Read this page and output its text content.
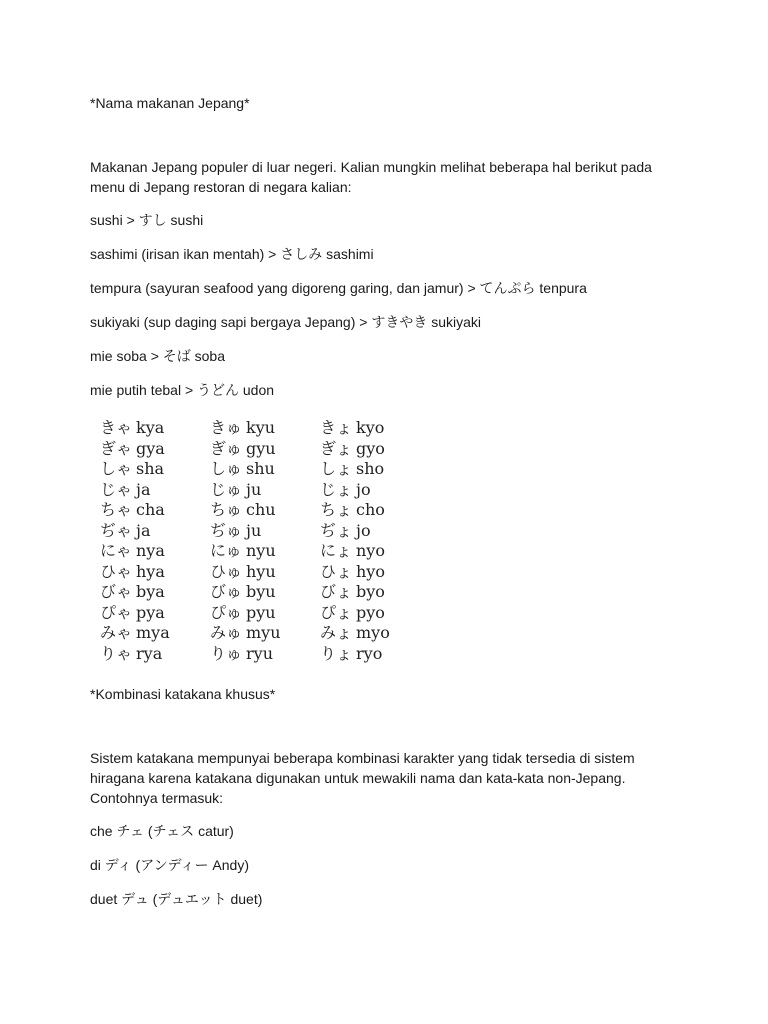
*Nama makanan Jepang*
Makanan Jepang populer di luar negeri. Kalian mungkin melihat beberapa hal berikut pada menu di Jepang restoran di negara kalian:
sushi > すし sushi
sashimi (irisan ikan mentah) > さしみ sashimi
tempura (sayuran seafood yang digoreng garing, dan jamur) > てんぷら tenpura
sukiyaki (sup daging sapi bergaya Jepang) > すきやき sukiyaki
mie soba > そば soba
mie putih tebal > うどん udon
きゃ kya
ぎゃ gya
しゃ sha
じゃ ja
ちゃ cha
ぢゃ ja
にゃ nya
ひゃ hya
びゃ bya
ぴゃ pya
みゃ mya
りゃ rya
きゅ kyu
ぎゅ gyu
しゅ shu
じゅ ju
ちゅ chu
ぢゅ ju
にゅ nyu
ひゅ hyu
びゅ byu
ぴゅ pyu
みゅ myu
りゅ ryu
きょ kyo
ぎょ gyo
しょ sho
じょ jo
ちょ cho
ぢょ jo
にょ nyo
ひょ hyo
びょ byo
ぴょ pyo
みょ myo
りょ ryo
*Kombinasi katakana khusus*
Sistem katakana mempunyai beberapa kombinasi karakter yang tidak tersedia di sistem hiragana karena katakana digunakan untuk mewakili nama dan kata-kata non-Jepang. Contohnya termasuk:
che チェ (チェス catur)
di ディ (アンディー Andy)
duet デュ (デュエット duet)
